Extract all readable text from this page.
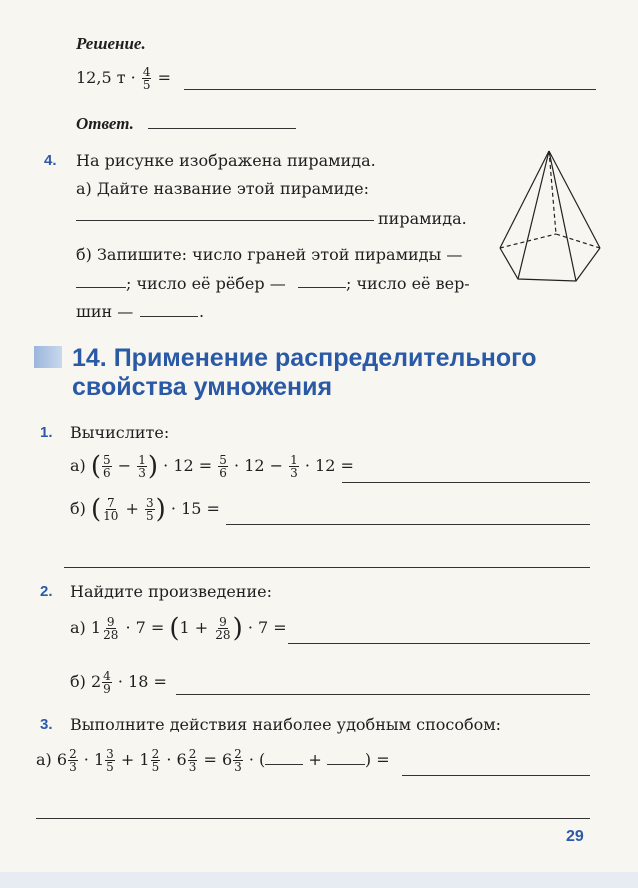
Решение.
12,5 $т \cdot \frac{4}{5}$ =
Ответ.
4. На рисунке изображена пирамида.
а) Дайте название этой пирамиде:
пирамида.
б) Запишите: число граней этой пирамиды —
; число её рёбер —	; число её вер-
шин —	.
14. Применение распределительного
свойства умножения
1. Вычислите:
а) ( $\frac{5}{6} - \frac{1}{3}$ ) · $12 = \frac{5}{6} \cdot 12 - \frac{1}{3} \cdot 12$ =
б) ( $\frac{7}{10} + \frac{3}{5}$ ) · 15 =
2. Найдите произведение:
а) $1 \frac{9}{28} \cdot 7 = (1 + \frac{9}{28}$ ) · 7 =
б) $2 \frac{4}{9} \cdot 18$ =
3. Выполните действия наиболее удобным способом:
а) $6 \frac{2}{3} \cdot 1 \frac{3}{5} + 1 \frac{2}{5} \cdot 6 \frac{2}{3} = 6 \frac{2}{3}$ · (	+	) =
29
